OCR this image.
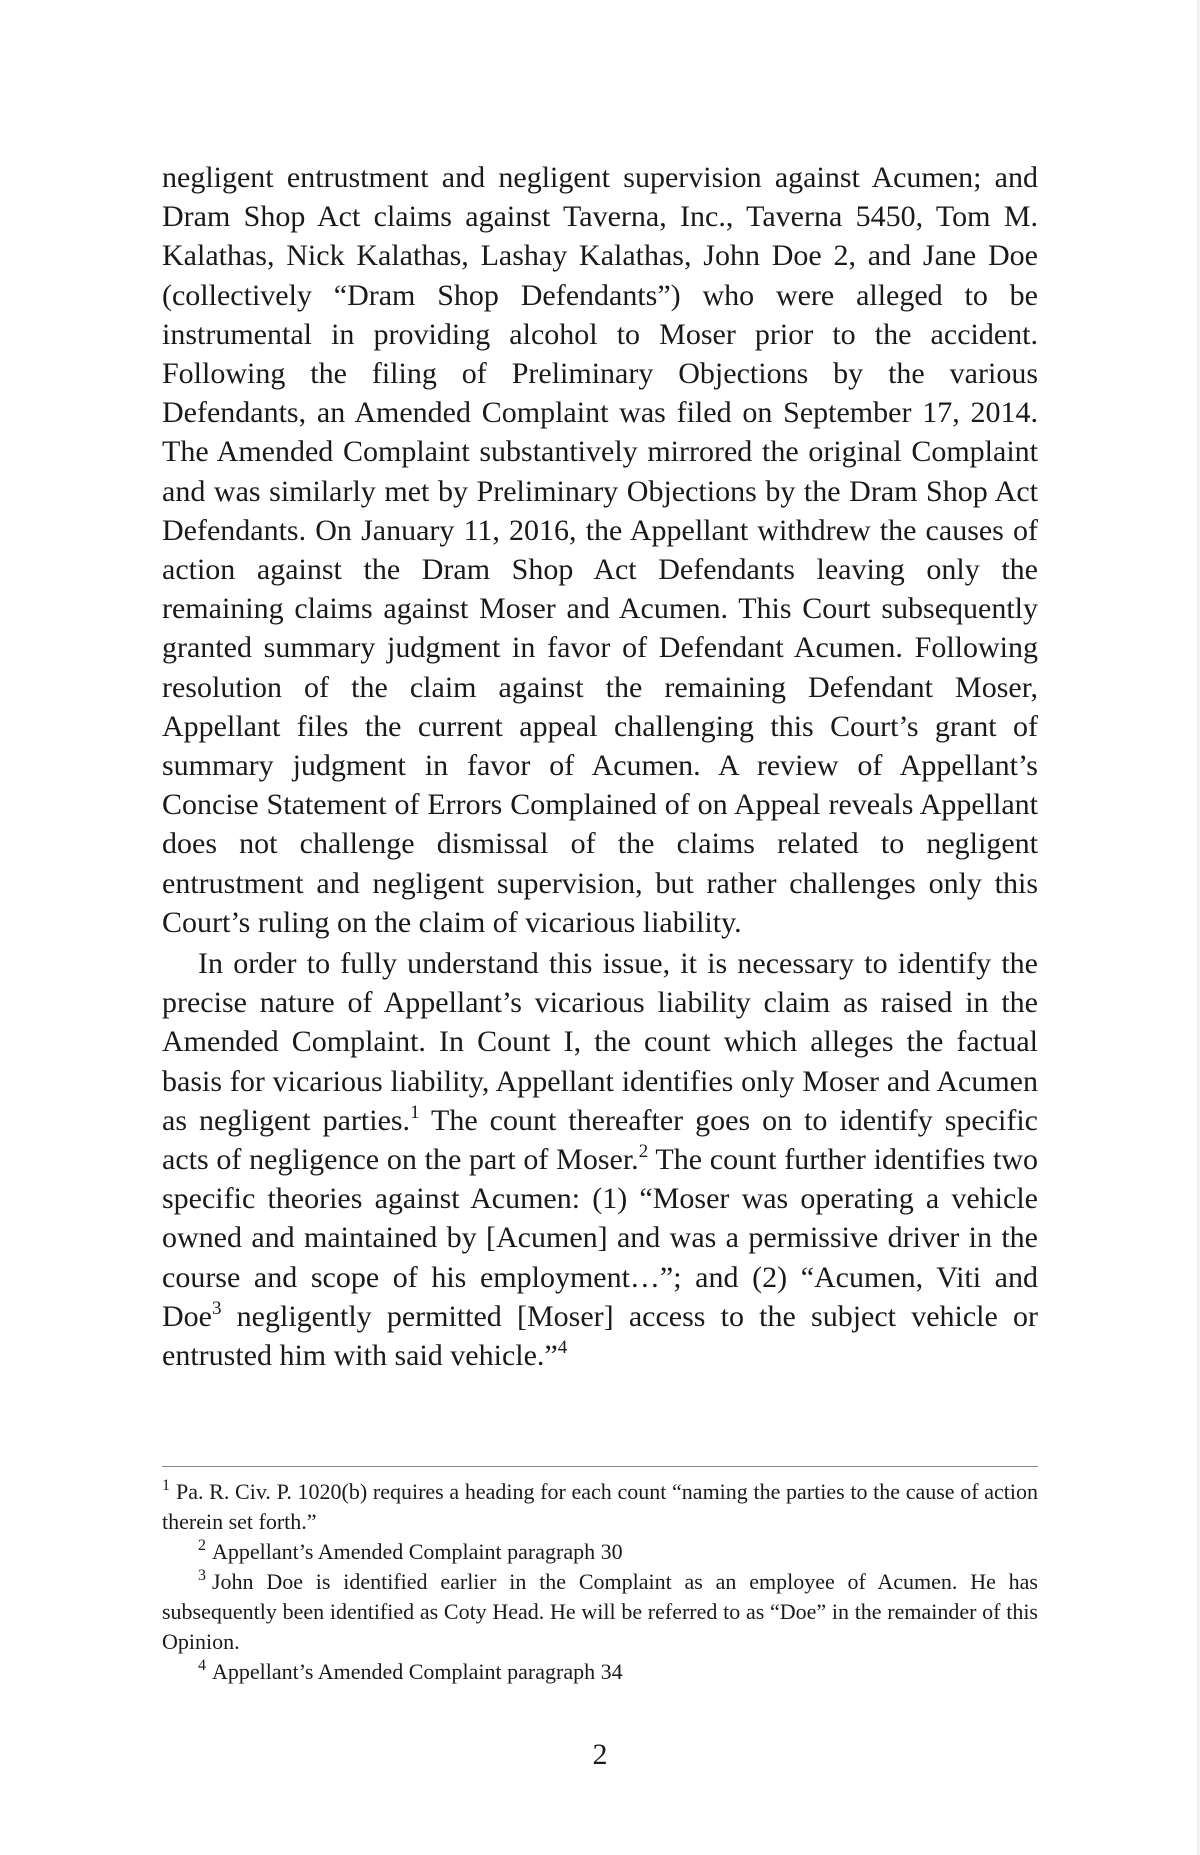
negligent entrustment and negligent supervision against Acumen; and Dram Shop Act claims against Taverna, Inc., Taverna 5450, Tom M. Kalathas, Nick Kalathas, Lashay Kalathas, John Doe 2, and Jane Doe (collectively “Dram Shop Defendants”) who were alleged to be instrumental in providing alcohol to Moser prior to the accident. Following the filing of Preliminary Objections by the various Defendants, an Amended Complaint was filed on September 17, 2014. The Amended Complaint substantively mirrored the original Complaint and was similarly met by Preliminary Objections by the Dram Shop Act Defendants. On January 11, 2016, the Appellant withdrew the causes of action against the Dram Shop Act Defendants leaving only the remaining claims against Moser and Acumen. This Court subsequently granted summary judgment in favor of Defendant Acumen. Following resolution of the claim against the remaining Defendant Moser, Appellant files the current appeal challenging this Court’s grant of summary judgment in favor of Acumen. A review of Appellant’s Concise Statement of Errors Complained of on Appeal reveals Appellant does not challenge dismissal of the claims related to negligent entrustment and negligent supervision, but rather challenges only this Court’s ruling on the claim of vicarious liability.

In order to fully understand this issue, it is necessary to identify the precise nature of Appellant’s vicarious liability claim as raised in the Amended Complaint. In Count I, the count which alleges the factual basis for vicarious liability, Appellant identifies only Moser and Acumen as negligent parties.$^1$ The count thereafter goes on to identify specific acts of negligence on the part of Moser.$^2$ The count further identifies two specific theories against Acumen: (1) “Moser was operating a vehicle owned and maintained by [Acumen] and was a permissive driver in the course and scope of his employment…”; and (2) “Acumen, Viti and Doe$^3$ negligently permitted [Moser] access to the subject vehicle or entrusted him with said vehicle.”$^4$

$^1$ Pa. R. Civ. P. 1020(b) requires a heading for each count “naming the parties to the cause of action therein set forth.”

$^2$ Appellant’s Amended Complaint paragraph 30

$^3$ John Doe is identified earlier in the Complaint as an employee of Acumen. He has subsequently been identified as Coty Head. He will be referred to as “Doe” in the remainder of this Opinion.

$^4$ Appellant’s Amended Complaint paragraph 34

2
